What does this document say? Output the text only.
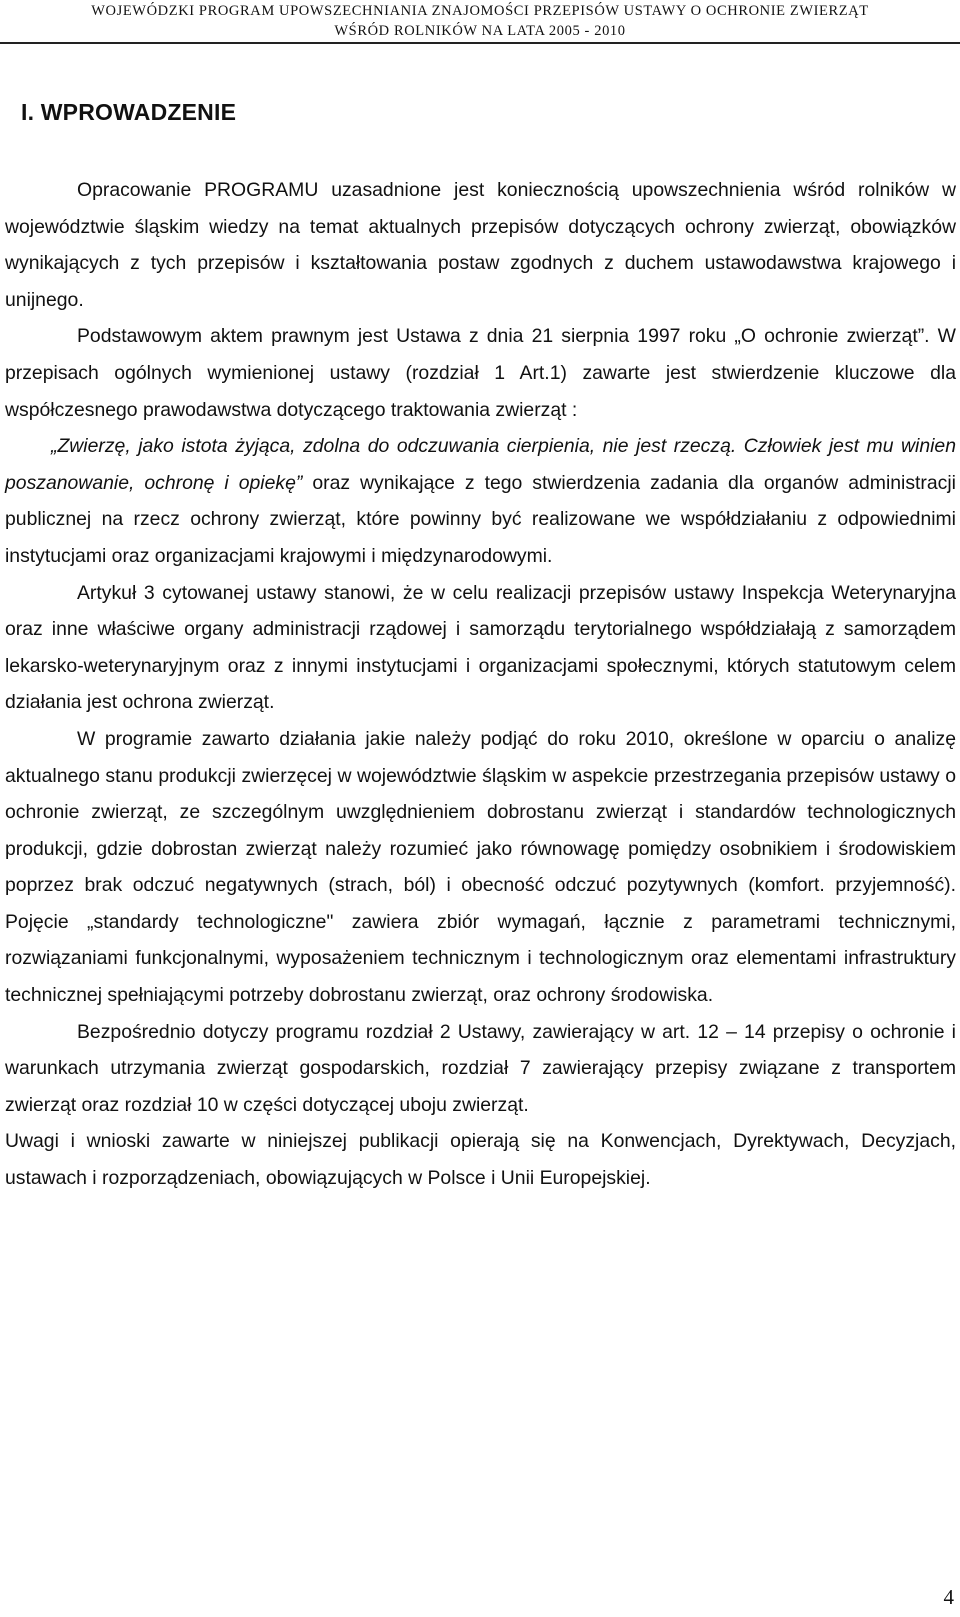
WOJEWÓDZKI PROGRAM UPOWSZECHNIANIA ZNAJOMOŚCI PRZEPISÓW USTAWY O OCHRONIE ZWIERZĄT
WŚRÓD ROLNIKÓW NA LATA 2005 - 2010
I. WPROWADZENIE

Opracowanie PROGRAMU uzasadnione jest koniecznością upowszechnienia wśród rolników w województwie śląskim wiedzy na temat aktualnych przepisów dotyczących ochrony zwierząt, obowiązków wynikających z tych przepisów i kształtowania postaw zgodnych z duchem ustawodawstwa krajowego i unijnego.

Podstawowym aktem prawnym jest Ustawa z dnia 21 sierpnia 1997 roku „O ochronie zwierząt”. W przepisach ogólnych wymienionej ustawy (rozdział 1 Art.1) zawarte jest stwierdzenie kluczowe dla współczesnego prawodawstwa dotyczącego traktowania zwierząt :

„Zwierzę, jako istota żyjąca, zdolna do odczuwania cierpienia, nie jest rzeczą. Człowiek jest mu winien poszanowanie, ochronę i opiekę” oraz wynikające z tego stwierdzenia zadania dla organów administracji publicznej na rzecz ochrony zwierząt, które powinny być realizowane we współdziałaniu z odpowiednimi instytucjami oraz organizacjami krajowymi i międzynarodowymi.

Artykuł 3 cytowanej ustawy stanowi, że w celu realizacji przepisów ustawy Inspekcja Weterynaryjna oraz inne właściwe organy administracji rządowej i samorządu terytorialnego współdziałają z samorządem lekarsko-weterynaryjnym oraz z innymi instytucjami i organizacjami społecznymi, których statutowym celem działania jest ochrona zwierząt.

W programie zawarto działania jakie należy podjąć do roku 2010, określone w oparciu o analizę aktualnego stanu produkcji zwierzęcej w województwie śląskim w aspekcie przestrzegania przepisów ustawy o ochronie zwierząt, ze szczególnym uwzględnieniem dobrostanu zwierząt i standardów technologicznych produkcji, gdzie dobrostan zwierząt należy rozumieć jako równowagę pomiędzy osobnikiem i środowiskiem poprzez brak odczuć negatywnych (strach, ból) i obecność odczuć pozytywnych (komfort. przyjemność). Pojęcie „standardy technologiczne" zawiera zbiór wymagań, łącznie z parametrami technicznymi, rozwiązaniami funkcjonalnymi, wyposażeniem technicznym i technologicznym oraz elementami infrastruktury technicznej spełniającymi potrzeby dobrostanu zwierząt, oraz ochrony środowiska.

Bezpośrednio dotyczy programu rozdział 2 Ustawy, zawierający w art. 12 – 14 przepisy o ochronie i warunkach utrzymania zwierząt gospodarskich, rozdział 7 zawierający przepisy związane z transportem zwierząt oraz rozdział 10 w części dotyczącej uboju zwierząt.

Uwagi i wnioski zawarte w niniejszej publikacji opierają się na Konwencjach, Dyrektywach, Decyzjach, ustawach i rozporządzeniach, obowiązujących w Polsce i Unii Europejskiej.

4
